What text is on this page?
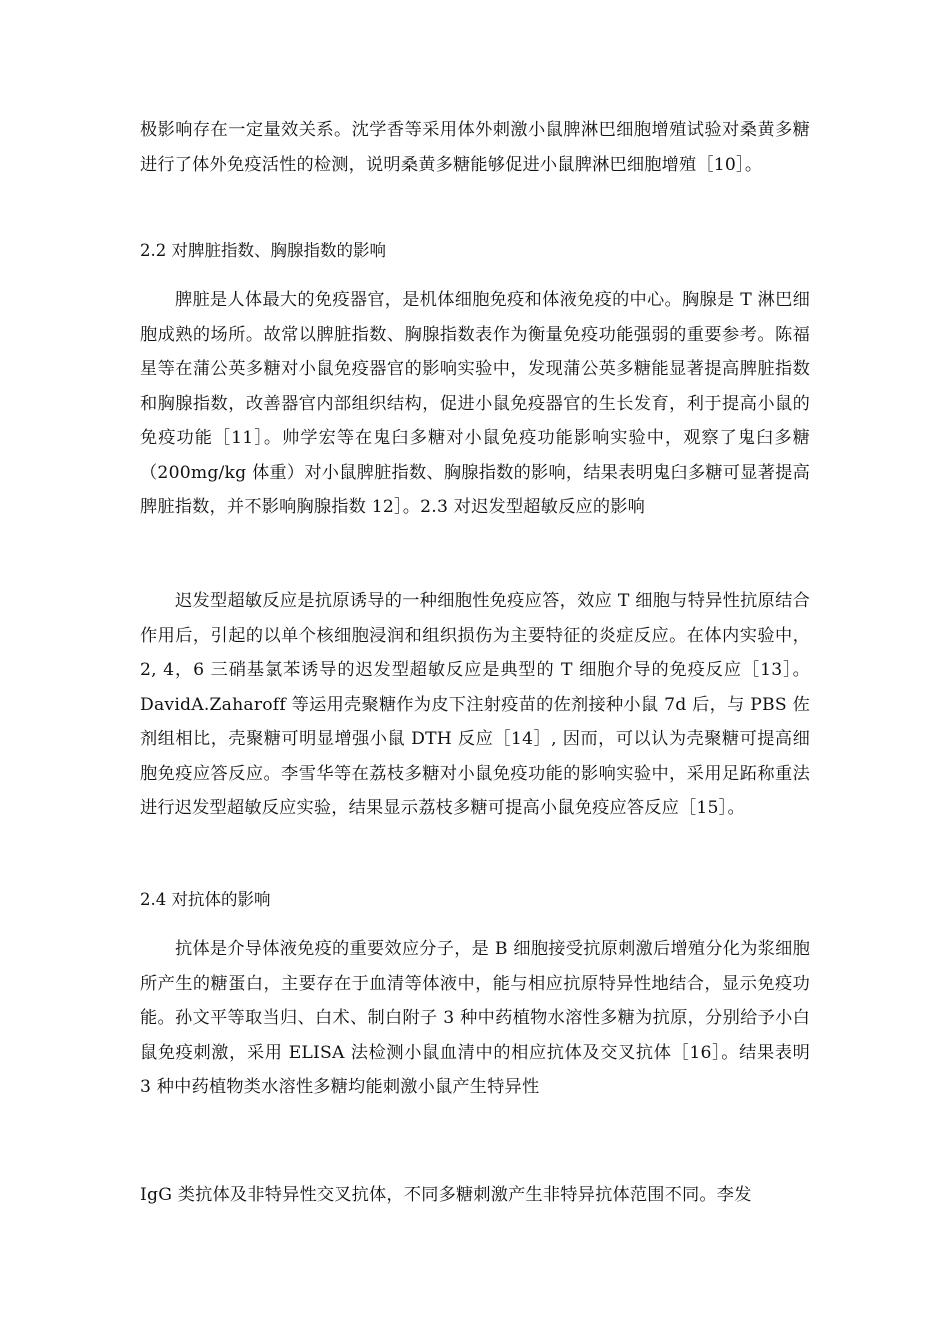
极影响存在一定量效关系。沈学香等采用体外刺激小鼠脾淋巴细胞增殖试验对桑黄多糖进行了体外免疫活性的检测，说明桑黄多糖能够促进小鼠脾淋巴细胞增殖［10］。

2.2 对脾脏指数、胸腺指数的影响

脾脏是人体最大的免疫器官，是机体细胞免疫和体液免疫的中心。胸腺是 T 淋巴细胞成熟的场所。故常以脾脏指数、胸腺指数表作为衡量免疫功能强弱的重要参考。陈福星等在蒲公英多糖对小鼠免疫器官的影响实验中，发现蒲公英多糖能显著提高脾脏指数和胸腺指数，改善器官内部组织结构，促进小鼠免疫器官的生长发育，利于提高小鼠的免疫功能［11］。帅学宏等在鬼臼多糖对小鼠免疫功能影响实验中，观察了鬼臼多糖（200mg/kg 体重）对小鼠脾脏指数、胸腺指数的影响，结果表明鬼臼多糖可显著提高脾脏指数，并不影响胸腺指数 12］。2.3 对迟发型超敏反应的影响

迟发型超敏反应是抗原诱导的一种细胞性免疫应答，效应 T 细胞与特异性抗原结合作用后，引起的以单个核细胞浸润和组织损伤为主要特征的炎症反应。在体内实验中，2, 4，6 三硝基氯苯诱导的迟发型超敏反应是典型的 T 细胞介导的免疫反应［13］。DavidA.Zaharoff 等运用壳聚糖作为皮下注射疫苗的佐剂接种小鼠 7d 后，与 PBS 佐剂组相比，壳聚糖可明显增强小鼠 DTH 反应［14］, 因而，可以认为壳聚糖可提高细胞免疫应答反应。李雪华等在荔枝多糖对小鼠免疫功能的影响实验中，采用足跖称重法进行迟发型超敏反应实验，结果显示荔枝多糖可提高小鼠免疫应答反应［15］。

2.4 对抗体的影响

抗体是介导体液免疫的重要效应分子，是 B 细胞接受抗原刺激后增殖分化为浆细胞所产生的糖蛋白，主要存在于血清等体液中，能与相应抗原特异性地结合，显示免疫功能。孙文平等取当归、白术、制白附子 3 种中药植物水溶性多糖为抗原，分别给予小白鼠免疫刺激，采用 ELISA 法检测小鼠血清中的相应抗体及交叉抗体［16］。结果表明 3 种中药植物类水溶性多糖均能刺激小鼠产生特异性

IgG 类抗体及非特异性交叉抗体，不同多糖刺激产生非特异抗体范围不同。李发
